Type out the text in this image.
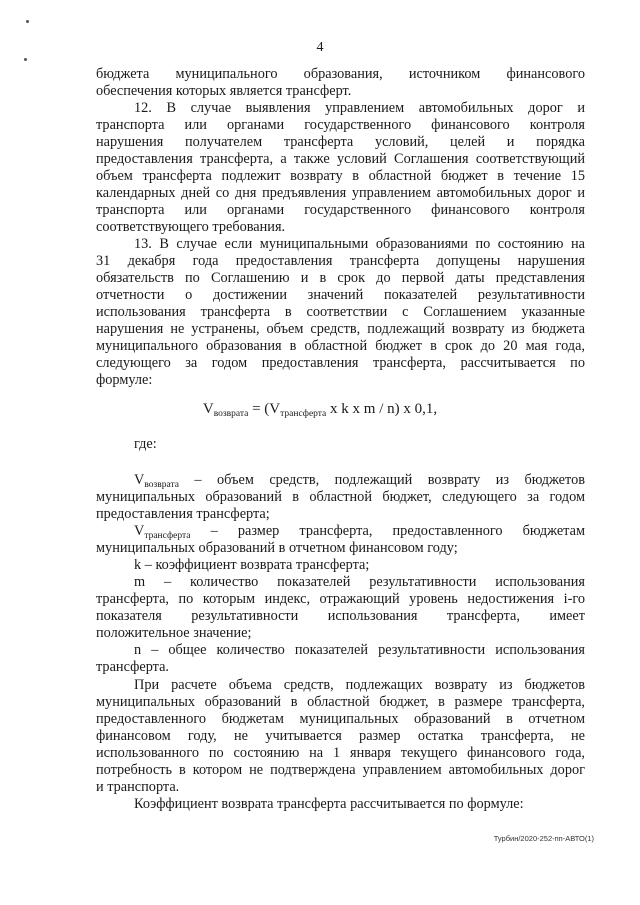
4
бюджета муниципального образования, источником финансового
обеспечения которых является трансферт.
12. В случае выявления управлением автомобильных дорог и
транспорта или органами государственного финансового контроля
нарушения получателем трансферта условий, целей и порядка
предоставления трансферта, а также условий Соглашения соответствующий
объем трансферта подлежит возврату в областной бюджет в течение 15
календарных дней со дня предъявления управлением автомобильных дорог и
транспорта или органами государственного финансового контроля
соответствующего требования.
13. В случае если муниципальными образованиями по состоянию на
31 декабря года предоставления трансферта допущены нарушения
обязательств по Соглашению и в срок до первой даты представления
отчетности о достижении значений показателей результативности
использования трансферта в соответствии с Соглашением указанные
нарушения не устранены, объем средств, подлежащий возврату из бюджета
муниципального образования в областной бюджет в срок до 20 мая года,
следующего за годом предоставления трансферта, рассчитывается по
формуле:
$V_{возврата} = (V_{трансферта}$ x k x m / n) x 0,1,
где:
$V_{возврата}$ – объем средств, подлежащий возврату из бюджетов
муниципальных образований в областной бюджет, следующего за годом
предоставления трансферта;
$V_{трансферта}$ – размер трансферта, предоставленного бюджетам
муниципальных образований в отчетном финансовом году;
k – коэффициент возврата трансферта;
m – количество показателей результативности использования
трансферта, по которым индекс, отражающий уровень недостижения i-го
показателя результативности использования трансферта, имеет
положительное значение;
n – общее количество показателей результативности использования
трансферта.
При расчете объема средств, подлежащих возврату из бюджетов
муниципальных образований в областной бюджет, в размере трансферта,
предоставленного бюджетам муниципальных образований в отчетном
финансовом году, не учитывается размер остатка трансферта, не
использованного по состоянию на 1 января текущего финансового года,
потребность в котором не подтверждена управлением автомобильных дорог
и транспорта.
Коэффициент возврата трансферта рассчитывается по формуле:
Турбин/2020-252-пп-АВТО(1)
